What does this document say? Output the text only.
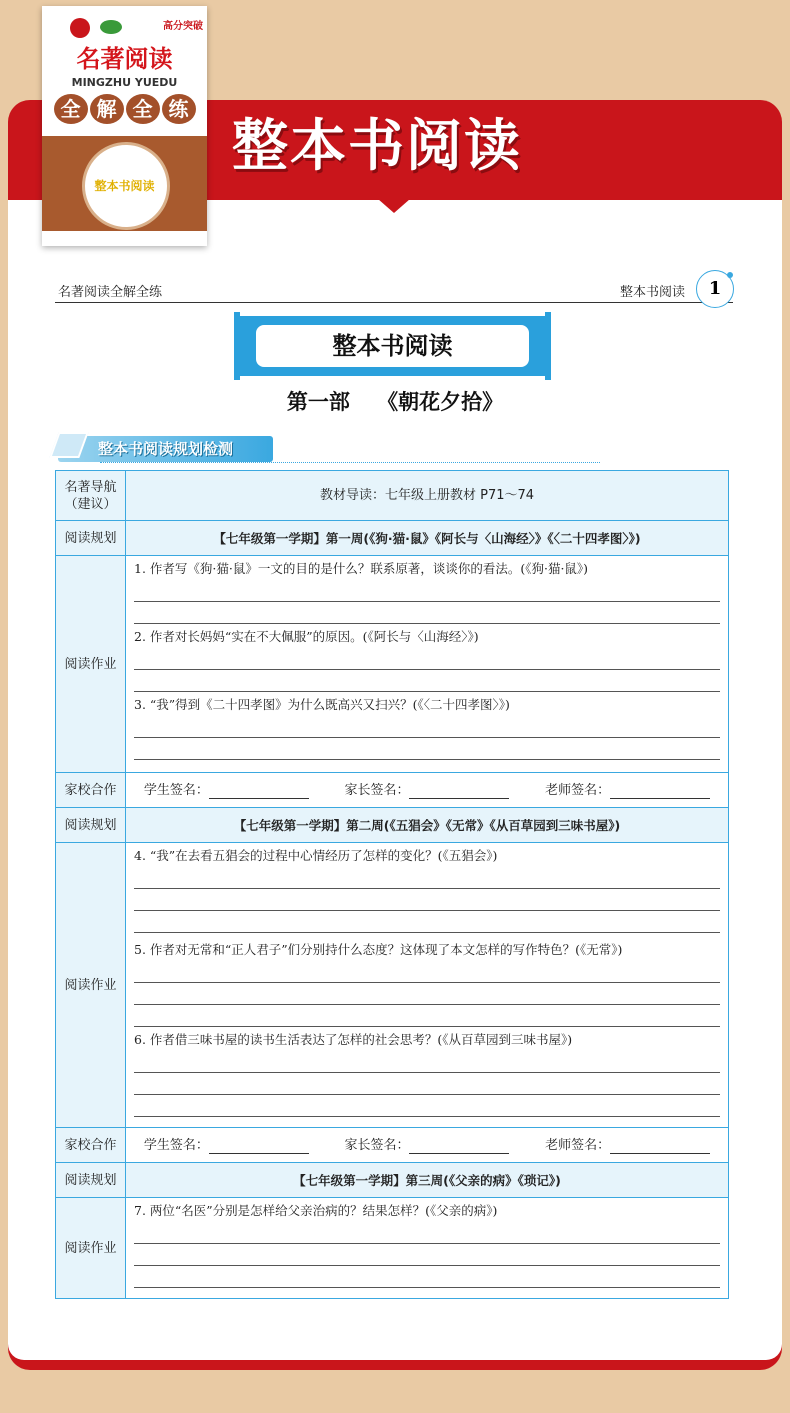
整本书阅读
高分突破
名著阅读
MINGZHU YUEDU
全 解 全 练
整本书阅读
名著阅读全解全练	整本书阅读	1
整本书阅读
第一部 《朝花夕拾》
整本书阅读规划检测
名著导航（建议）	教材导读：七年级上册教材 P71～74
阅读规划	【七年级第一学期】第一周(《狗·猫·鼠》《阿长与〈山海经〉》《〈二十四孝图〉》)
阅读作业	1. 作者写《狗·猫·鼠》一文的目的是什么？联系原著，谈谈你的看法。(《狗·猫·鼠》)
2. 作者对长妈妈“实在不大佩服”的原因。(《阿长与〈山海经〉》)
3. “我”得到《二十四孝图》为什么既高兴又扫兴？(《〈二十四孝图〉》)

家校合作	学生签名： 家长签名： 老师签名：

阅读规划	【七年级第一学期】第二周(《五猖会》《无常》《从百草园到三味书屋》)
阅读作业	4. “我”在去看五猖会的过程中心情经历了怎样的变化？(《五猖会》)
5. 作者对无常和“正人君子”们分别持什么态度？这体现了本文怎样的写作特色？(《无常》)
6. 作者借三味书屋的读书生活表达了怎样的社会思考？(《从百草园到三味书屋》)

家校合作	学生签名： 家长签名： 老师签名：

阅读规划	【七年级第一学期】第三周(《父亲的病》《琐记》)
阅读作业	7. 两位“名医”分别是怎样给父亲治病的？结果怎样？(《父亲的病》)
